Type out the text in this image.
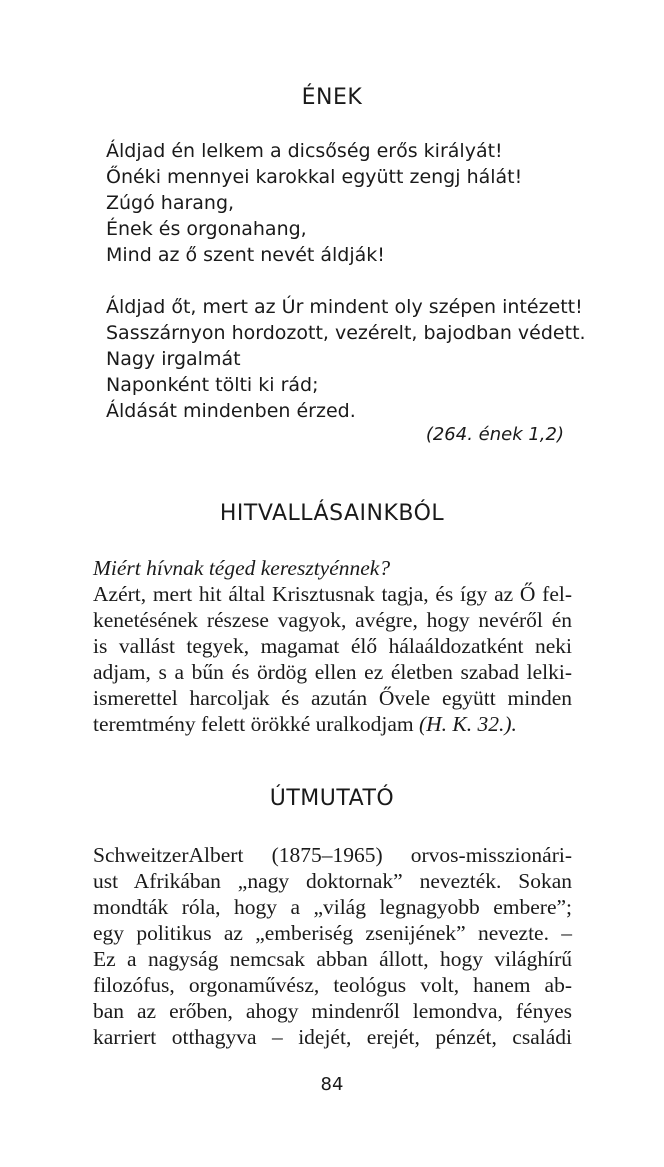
ÉNEK
Áldjad én lelkem a dicsőség erős királyát!
Őnéki mennyei karokkal együtt zengj hálát!
Zúgó harang,
Ének és orgonahang,
Mind az ő szent nevét áldják!
Áldjad őt, mert az Úr mindent oly szépen intézett!
Sasszárnyon hordozott, vezérelt, bajodban védett.
Nagy irgalmát
Naponként tölti ki rád;
Áldását mindenben érzed.
(264. ének 1,2)
HITVALLÁSAINKBÓL
Miért hívnak téged keresztyénnek?
Azért, mert hit által Krisztusnak tagja, és így az Ő fel-
kenetésének részese vagyok, avégre, hogy nevéről én
is vallást tegyek, magamat élő hálaáldozatként neki
adjam, s a bűn és ördög ellen ez életben szabad lelki-
ismerettel harcoljak és azután Ővele együtt minden
teremtmény felett örökké uralkodjam (H. K. 32.).
ÚTMUTATÓ
SchweitzerAlbert (1875–1965) orvos-misszionári-
ust Afrikában „nagy doktornak” nevezték. Sokan
mondták róla, hogy a „világ legnagyobb embere”;
egy politikus az „emberiség zsenijének” nevezte. –
Ez a nagyság nemcsak abban állott, hogy világhírű
filozófus, orgonaművész, teológus volt, hanem ab-
ban az erőben, ahogy mindenről lemondva, fényes
karriert otthagyva – idejét, erejét, pénzét, családi
84
